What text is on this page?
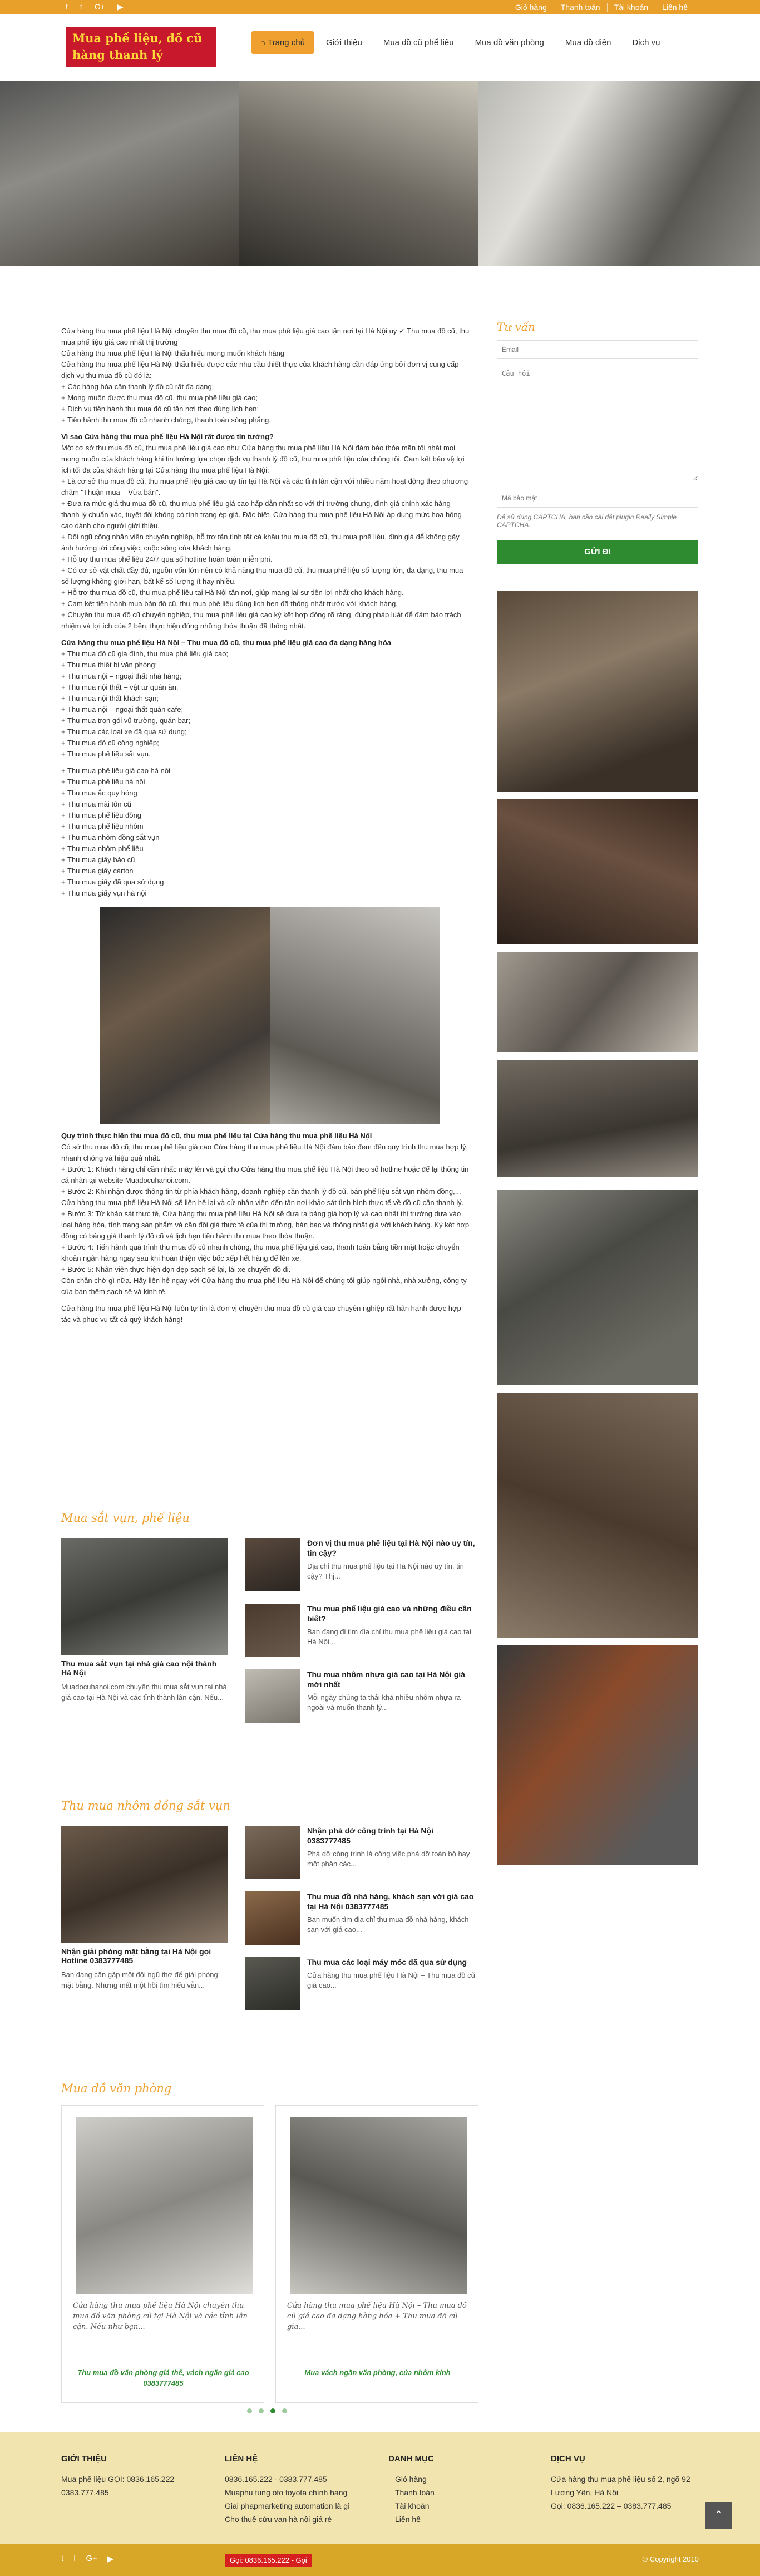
f t G+ ▶	Giỏ hàng	Thanh toán	Tài khoản	Liên hệ
Mua phế liệu, đồ cũ hàng thanh lý
⌂ Trang chủ	Giới thiệu	Mua đồ cũ phế liệu	Mua đồ văn phòng	Mua đồ điện	Dịch vụ

Cửa hàng thu mua phế liệu Hà Nội chuyên thu mua đồ cũ, thu mua phế liệu giá cao tận nơi tại Hà Nội uy ✓ Thu mua đồ cũ, thu mua phế liệu giá cao nhất thị trường

Cửa hàng thu mua phế liệu Hà Nội thấu hiểu mong muốn khách hàng

Cửa hàng thu mua phế liệu Hà Nội thấu hiểu được các nhu cầu thiết thực của khách hàng cần đáp ứng bởi đơn vị cung cấp dịch vụ thu mua đồ cũ đó là:

+ Các hàng hóa cần thanh lý đồ cũ rất đa dạng;

+ Mong muốn được thu mua đồ cũ, thu mua phế liệu giá cao;

+ Dịch vụ tiến hành thu mua đồ cũ tận nơi theo đúng lịch hẹn;

+ Tiến hành thu mua đồ cũ nhanh chóng, thanh toán sòng phẳng.

Vì sao Cửa hàng thu mua phế liệu Hà Nội rất được tin tưởng?

Một cơ sở thu mua đồ cũ, thu mua phế liệu giá cao như Cửa hàng thu mua phế liệu Hà Nội đảm bảo thỏa mãn tối nhất mọi mong muốn của khách hàng khi tin tưởng lựa chọn dịch vụ thanh lý đồ cũ, thu mua phế liệu của chúng tôi. Cam kết bảo vệ lợi ích tối đa của khách hàng tại Cửa hàng thu mua phế liệu Hà Nội:

+ Là cơ sở thu mua đồ cũ, thu mua phế liệu giá cao uy tín tại Hà Nội và các tỉnh lân cận với nhiều năm hoạt động theo phương châm "Thuận mua – Vừa bán".

+ Đưa ra mức giá thu mua đồ cũ, thu mua phế liệu giá cao hấp dẫn nhất so với thị trường chung, định giá chính xác hàng thanh lý chuẩn xác, tuyệt đối không có tình trạng ép giá. Đặc biệt, Cửa hàng thu mua phế liệu Hà Nội áp dụng mức hoa hồng cao dành cho người giới thiệu.

+ Đội ngũ công nhân viên chuyên nghiệp, hỗ trợ tận tình tất cả khâu thu mua đồ cũ, thu mua phế liệu, định giá để không gây ảnh hưởng tới công việc, cuộc sống của khách hàng.

+ Hỗ trợ thu mua phế liệu 24/7 qua số hotline hoàn toàn miễn phí.

+ Có cơ sở vật chất đầy đủ, nguồn vốn lớn nên có khả năng thu mua đồ cũ, thu mua phế liệu số lượng lớn, đa dạng, thu mua số lượng không giới hạn, bất kể số lượng ít hay nhiều.

+ Hỗ trợ thu mua đồ cũ, thu mua phế liệu tại Hà Nội tận nơi, giúp mang lại sự tiện lợi nhất cho khách hàng.

+ Cam kết tiến hành mua bán đồ cũ, thu mua phế liệu đúng lịch hẹn đã thống nhất trước với khách hàng.

+ Chuyên thu mua đồ cũ chuyên nghiệp, thu mua phế liệu giá cao kỳ kết hợp đồng rõ ràng, đúng pháp luật để đảm bảo trách nhiệm và lợi ích của 2 bên, thực hiện đúng những thỏa thuận đã thống nhất.

Cửa hàng thu mua phế liệu Hà Nội – Thu mua đồ cũ, thu mua phế liệu giá cao đa dạng hàng hóa

+ Thu mua đồ cũ gia đình, thu mua phế liệu giá cao;

+ Thu mua thiết bị văn phòng;

+ Thu mua nội – ngoại thất nhà hàng;

+ Thu mua nội thất – vật tư quán ăn;

+ Thu mua nội thất khách sạn;

+ Thu mua nội – ngoại thất quán cafe;

+ Thu mua trọn gói vũ trường, quán bar;

+ Thu mua các loại xe đã qua sử dụng;

+ Thu mua đồ cũ công nghiệp;

+ Thu mua phế liệu sắt vụn.

+ Thu mua phế liệu giá cao hà nội

+ Thu mua phế liệu hà nội

+ Thu mua ắc quy hỏng

+ Thu mua mài tôn cũ

+ Thu mua phế liệu đồng

+ Thu mua phế liệu nhôm

+ Thu mua nhôm đồng sắt vụn

+ Thu mua nhôm phế liệu

+ Thu mua giấy báo cũ

+ Thu mua giấy carton

+ Thu mua giấy đã qua sử dụng

+ Thu mua giấy vụn hà nội

Quy trình thực hiện thu mua đồ cũ, thu mua phế liệu tại Cửa hàng thu mua phế liệu Hà Nội

Có sở thu mua đồ cũ, thu mua phế liệu giá cao Cửa hàng thu mua phế liệu Hà Nội đảm bảo đem đến quy trình thu mua hợp lý, nhanh chóng và hiệu quả nhất.

+ Bước 1: Khách hàng chỉ cần nhấc máy lên và gọi cho Cửa hàng thu mua phế liệu Hà Nội theo số hotline hoặc để lại thông tin cá nhân tại website Muadocuhanoi.com.

+ Bước 2: Khi nhận được thông tin từ phía khách hàng, doanh nghiệp cần thanh lý đồ cũ, bán phế liệu sắt vụn nhôm đồng,... Cửa hàng thu mua phế liệu Hà Nội sẽ liên hệ lại và cử nhân viên đến tận nơi khảo sát tình hình thực tế về đồ cũ cần thanh lý.

+ Bước 3: Từ khảo sát thực tế, Cửa hàng thu mua phế liệu Hà Nội sẽ đưa ra bảng giá hợp lý và cao nhất thị trường dựa vào loại hàng hóa, tình trạng sản phẩm và cân đối giá thực tế của thị trường, bàn bạc và thống nhất giá với khách hàng. Ký kết hợp đồng có bảng giá thanh lý đồ cũ và lịch hẹn tiến hành thu mua theo thỏa thuận.

+ Bước 4: Tiến hành quá trình thu mua đồ cũ nhanh chóng, thu mua phế liệu giá cao, thanh toán bằng tiền mặt hoặc chuyển khoản ngân hàng ngay sau khi hoàn thiện việc bốc xếp hết hàng để lên xe.

+ Bước 5: Nhân viên thực hiện dọn dẹp sạch sẽ lại, lái xe chuyển đồ đi.

Còn chần chờ gì nữa. Hãy liên hệ ngay với Cửa hàng thu mua phế liệu Hà Nội để chúng tôi giúp ngôi nhà, nhà xưởng, công ty của bạn thêm sạch sẽ và kinh tế.

Cửa hàng thu mua phế liệu Hà Nội luôn tự tin là đơn vị chuyên thu mua đồ cũ giá cao chuyên nghiệp rất hân hạnh được hợp tác và phục vụ tất cả quý khách hàng!

Tư vấn
Email Câu hỏi Mã bảo mật
Để sử dụng CAPTCHA, bạn cần cài đặt plugin Really Simple CAPTCHA.
GỬI ĐI
Mua sắt vụn, phế liệu
Thu mua sắt vụn tại nhà giá cao nội thành Hà Nội
Muadocuhanoi.com chuyên thu mua sắt vụn tại nhà giá cao tại Hà Nội và các tỉnh thành lân cận. Nếu...
Đơn vị thu mua phế liệu tại Hà Nội nào uy tín, tin cậy?
Địa chỉ thu mua phế liệu tại Hà Nội nào uy tín, tin cậy? Thị...
Thu mua phế liệu giá cao và những điều cần biết?
Bạn đang đi tìm địa chỉ thu mua phế liệu giá cao tại Hà Nội...
Thu mua nhôm nhựa giá cao tại Hà Nội giá mới nhất
Mỗi ngày chúng ta thải khá nhiều nhôm nhựa ra ngoài và muốn thanh lý...
Thu mua nhôm đồng sắt vụn
Nhận giải phóng mặt bằng tại Hà Nội gọi Hotline 0383777485
Bạn đang cần gấp một đội ngũ thợ để giải phóng mặt bằng. Nhưng mất một hồi tìm hiểu vẫn...
Nhận phá dỡ công trình tại Hà Nội 0383777485
Phá dỡ công trình là công việc phá dỡ toàn bộ hay một phần các...
Thu mua đồ nhà hàng, khách sạn với giá cao tại Hà Nội 0383777485
Bạn muốn tìm địa chỉ thu mua đồ nhà hàng, khách sạn với giá cao...
Thu mua các loại máy móc đã qua sử dụng
Cửa hàng thu mua phế liệu Hà Nội – Thu mua đồ cũ giá cao...
Mua đồ văn phòng
Cửa hàng thu mua phế liệu Hà Nội chuyên thu mua đồ văn phòng cũ tại Hà Nội và các tỉnh lân cận. Nếu như bạn...
Thu mua đồ văn phòng giá thế, vách ngăn giá cao 0383777485
Cửa hàng thu mua phế liệu Hà Nội – Thu mua đồ cũ giá cao đa dạng hàng hóa + Thu mua đồ cũ gia...
Mua vách ngăn văn phòng, của nhôm kính
GIỚI THIỆU
Mua phế liệu GỌI: 0836.165.222 – 0383.777.485
LIÊN HỆ
0836.165.222 - 0383.777.485
Muaphu tung oto toyota chính hang
Giai phapmarketing automation là gì
Cho thuê cửu vạn hà nội giá rẻ
DANH MỤC
Giỏ hàng
Thanh toán
Tài khoản
Liên hệ
DỊCH VỤ
Cửa hàng thu mua phế liệu số 2, ngõ 92 Lương Yên, Hà Nội
Gọi: 0836.165.222 – 0383.777.485
⌃
t f G+ ▶	Gọi: 0836.165.222 - Gọi	© Copyright 2010
